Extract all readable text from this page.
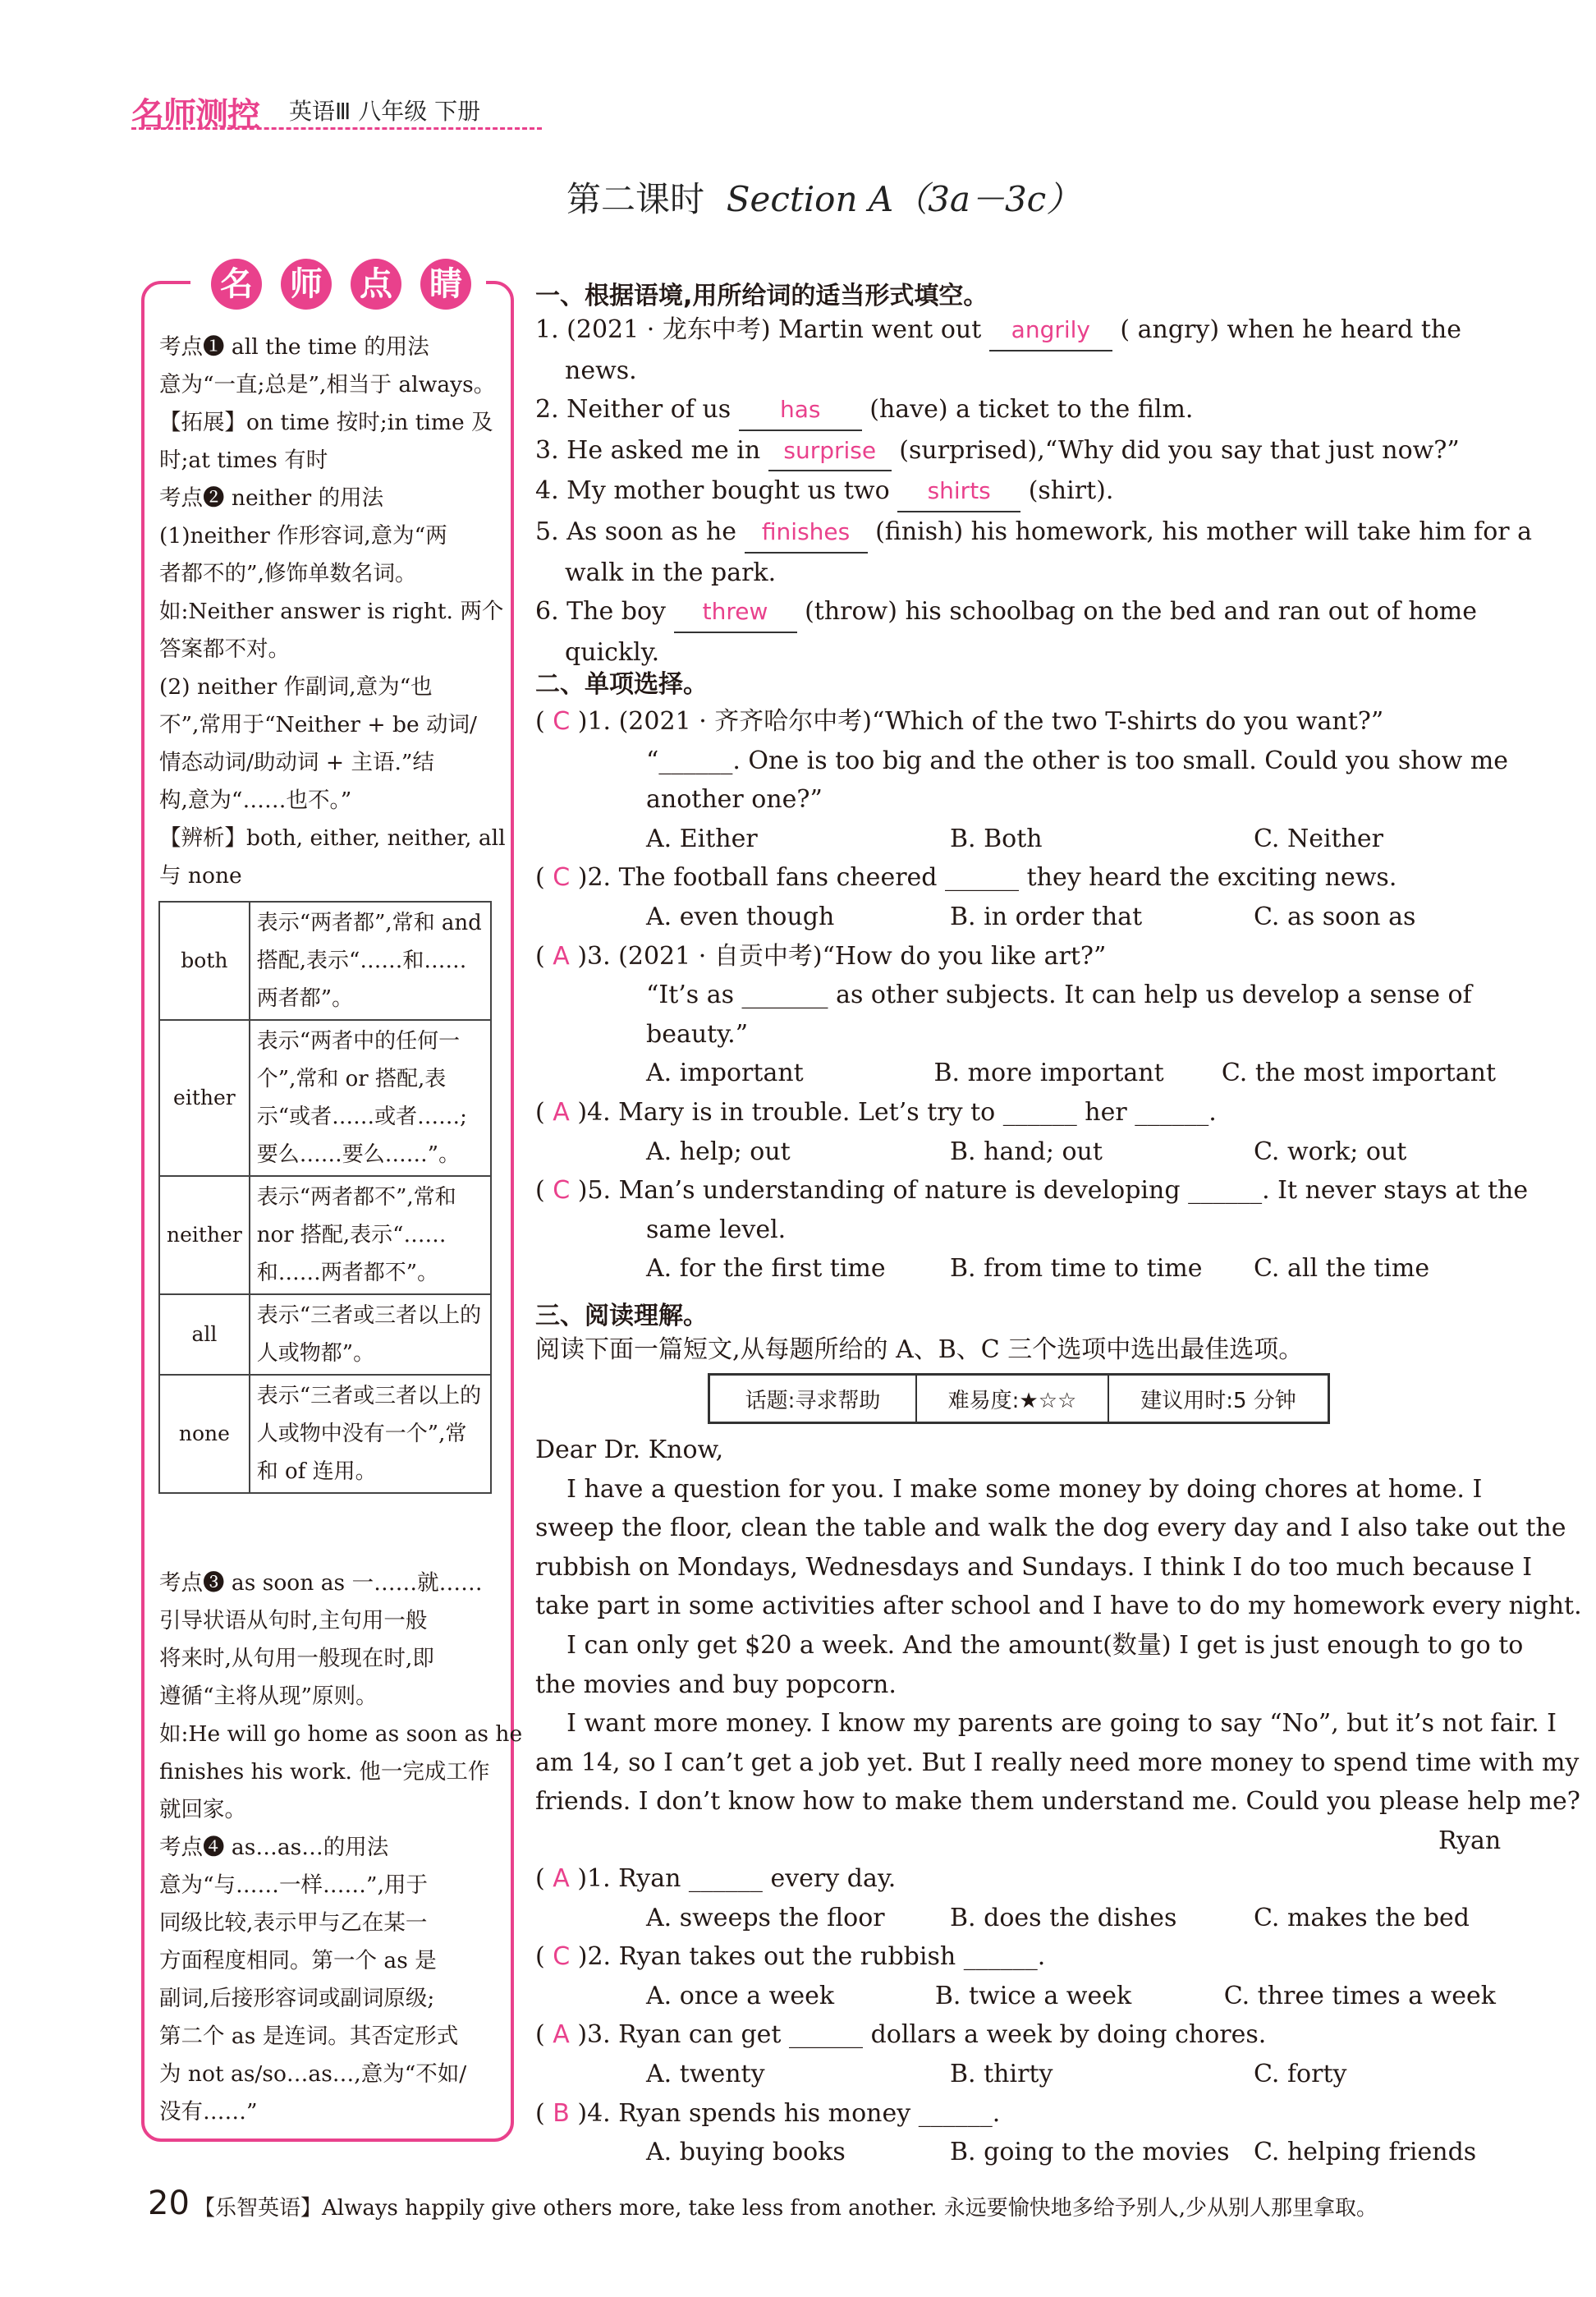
名师测控 英语Ⅲ 八年级 下册
第二课时 Section A（3a－3c）
名 师 点 睛
考点❶ all the time 的用法
意为“一直;总是”,相当于 always。
【拓展】on time 按时;in time 及
时;at times 有时
考点❷ neither 的用法
(1)neither 作形容词,意为“两
者都不的”,修饰单数名词。
如:Neither answer is right. 两个
答案都不对。
(2) neither 作副词,意为“也
不”,常用于“Neither + be 动词/
情态动词/助动词 + 主语.”结
构,意为“……也不。”
【辨析】both, either, neither, all
与 none
both	表示“两者都”,常和 and 搭配,表示“……和……两者都”。
either	表示“两者中的任何一个”,常和 or 搭配,表示“或者……或者……;要么……要么……”。
neither	表示“两者都不”,常和 nor 搭配,表示“……和……两者都不”。
all	表示“三者或三者以上的人或物都”。
none	表示“三者或三者以上的人或物中没有一个”,常和 of 连用。
考点❸ as soon as 一……就……
引导状语从句时,主句用一般
将来时,从句用一般现在时,即
遵循“主将从现”原则。
如:He will go home as soon as he
finishes his work. 他一完成工作
就回家。
考点❹ as…as…的用法
意为“与……一样……”,用于
同级比较,表示甲与乙在某一
方面程度相同。第一个 as 是
副词,后接形容词或副词原级;
第二个 as 是连词。其否定形式
为 not as/so…as…,意为“不如/
没有……”
一、根据语境,用所给词的适当形式填空。
1. (2021 · 龙东中考) Martin went out angrily ( angry) when he heard the
news.
2. Neither of us has (have) a ticket to the film.
3. He asked me in surprise (surprised),“Why did you say that just now?”
4. My mother bought us two shirts (shirt).
5. As soon as he finishes (finish) his homework, his mother will take him for a
walk in the park.
6. The boy threw (throw) his schoolbag on the bed and ran out of home
quickly.
二、单项选择。
( C )1. (2021 · 齐齐哈尔中考)“Which of the two T-shirts do you want?”
“______. One is too big and the other is too small. Could you show me
another one?”
A. Either	B. Both	C. Neither
( C )2. The football fans cheered ______ they heard the exciting news.
A. even though	B. in order that	C. as soon as
( A )3. (2021 · 自贡中考)“How do you like art?”
“It’s as _______ as other subjects. It can help us develop a sense of
beauty.”
A. important	B. more important	C. the most important
( A )4. Mary is in trouble. Let’s try to ______ her ______.
A. help; out	B. hand; out	C. work; out
( C )5. Man’s understanding of nature is developing ______. It never stays at the
same level.
A. for the first time	B. from time to time	C. all the time
三、阅读理解。
阅读下面一篇短文,从每题所给的 A、B、C 三个选项中选出最佳选项。
话题:寻求帮助	难易度:★☆☆	建议用时:5 分钟
Dear Dr. Know,
I have a question for you. I make some money by doing chores at home. I
sweep the floor, clean the table and walk the dog every day and I also take out the
rubbish on Mondays, Wednesdays and Sundays. I think I do too much because I
take part in some activities after school and I have to do my homework every night.
I can only get $20 a week. And the amount(数量) I get is just enough to go to
the movies and buy popcorn.
I want more money. I know my parents are going to say “No”, but it’s not fair. I
am 14, so I can’t get a job yet. But I really need more money to spend time with my
friends. I don’t know how to make them understand me. Could you please help me?
Ryan
( A )1. Ryan ______ every day.
A. sweeps the floor	B. does the dishes	C. makes the bed
( C )2. Ryan takes out the rubbish ______.
A. once a week	B. twice a week	C. three times a week
( A )3. Ryan can get ______ dollars a week by doing chores.
A. twenty	B. thirty	C. forty
( B )4. Ryan spends his money ______.
A. buying books	B. going to the movies C. helping friends
20 【乐智英语】Always happily give others more, take less from another. 永远要愉快地多给予别人,少从别人那里拿取。
